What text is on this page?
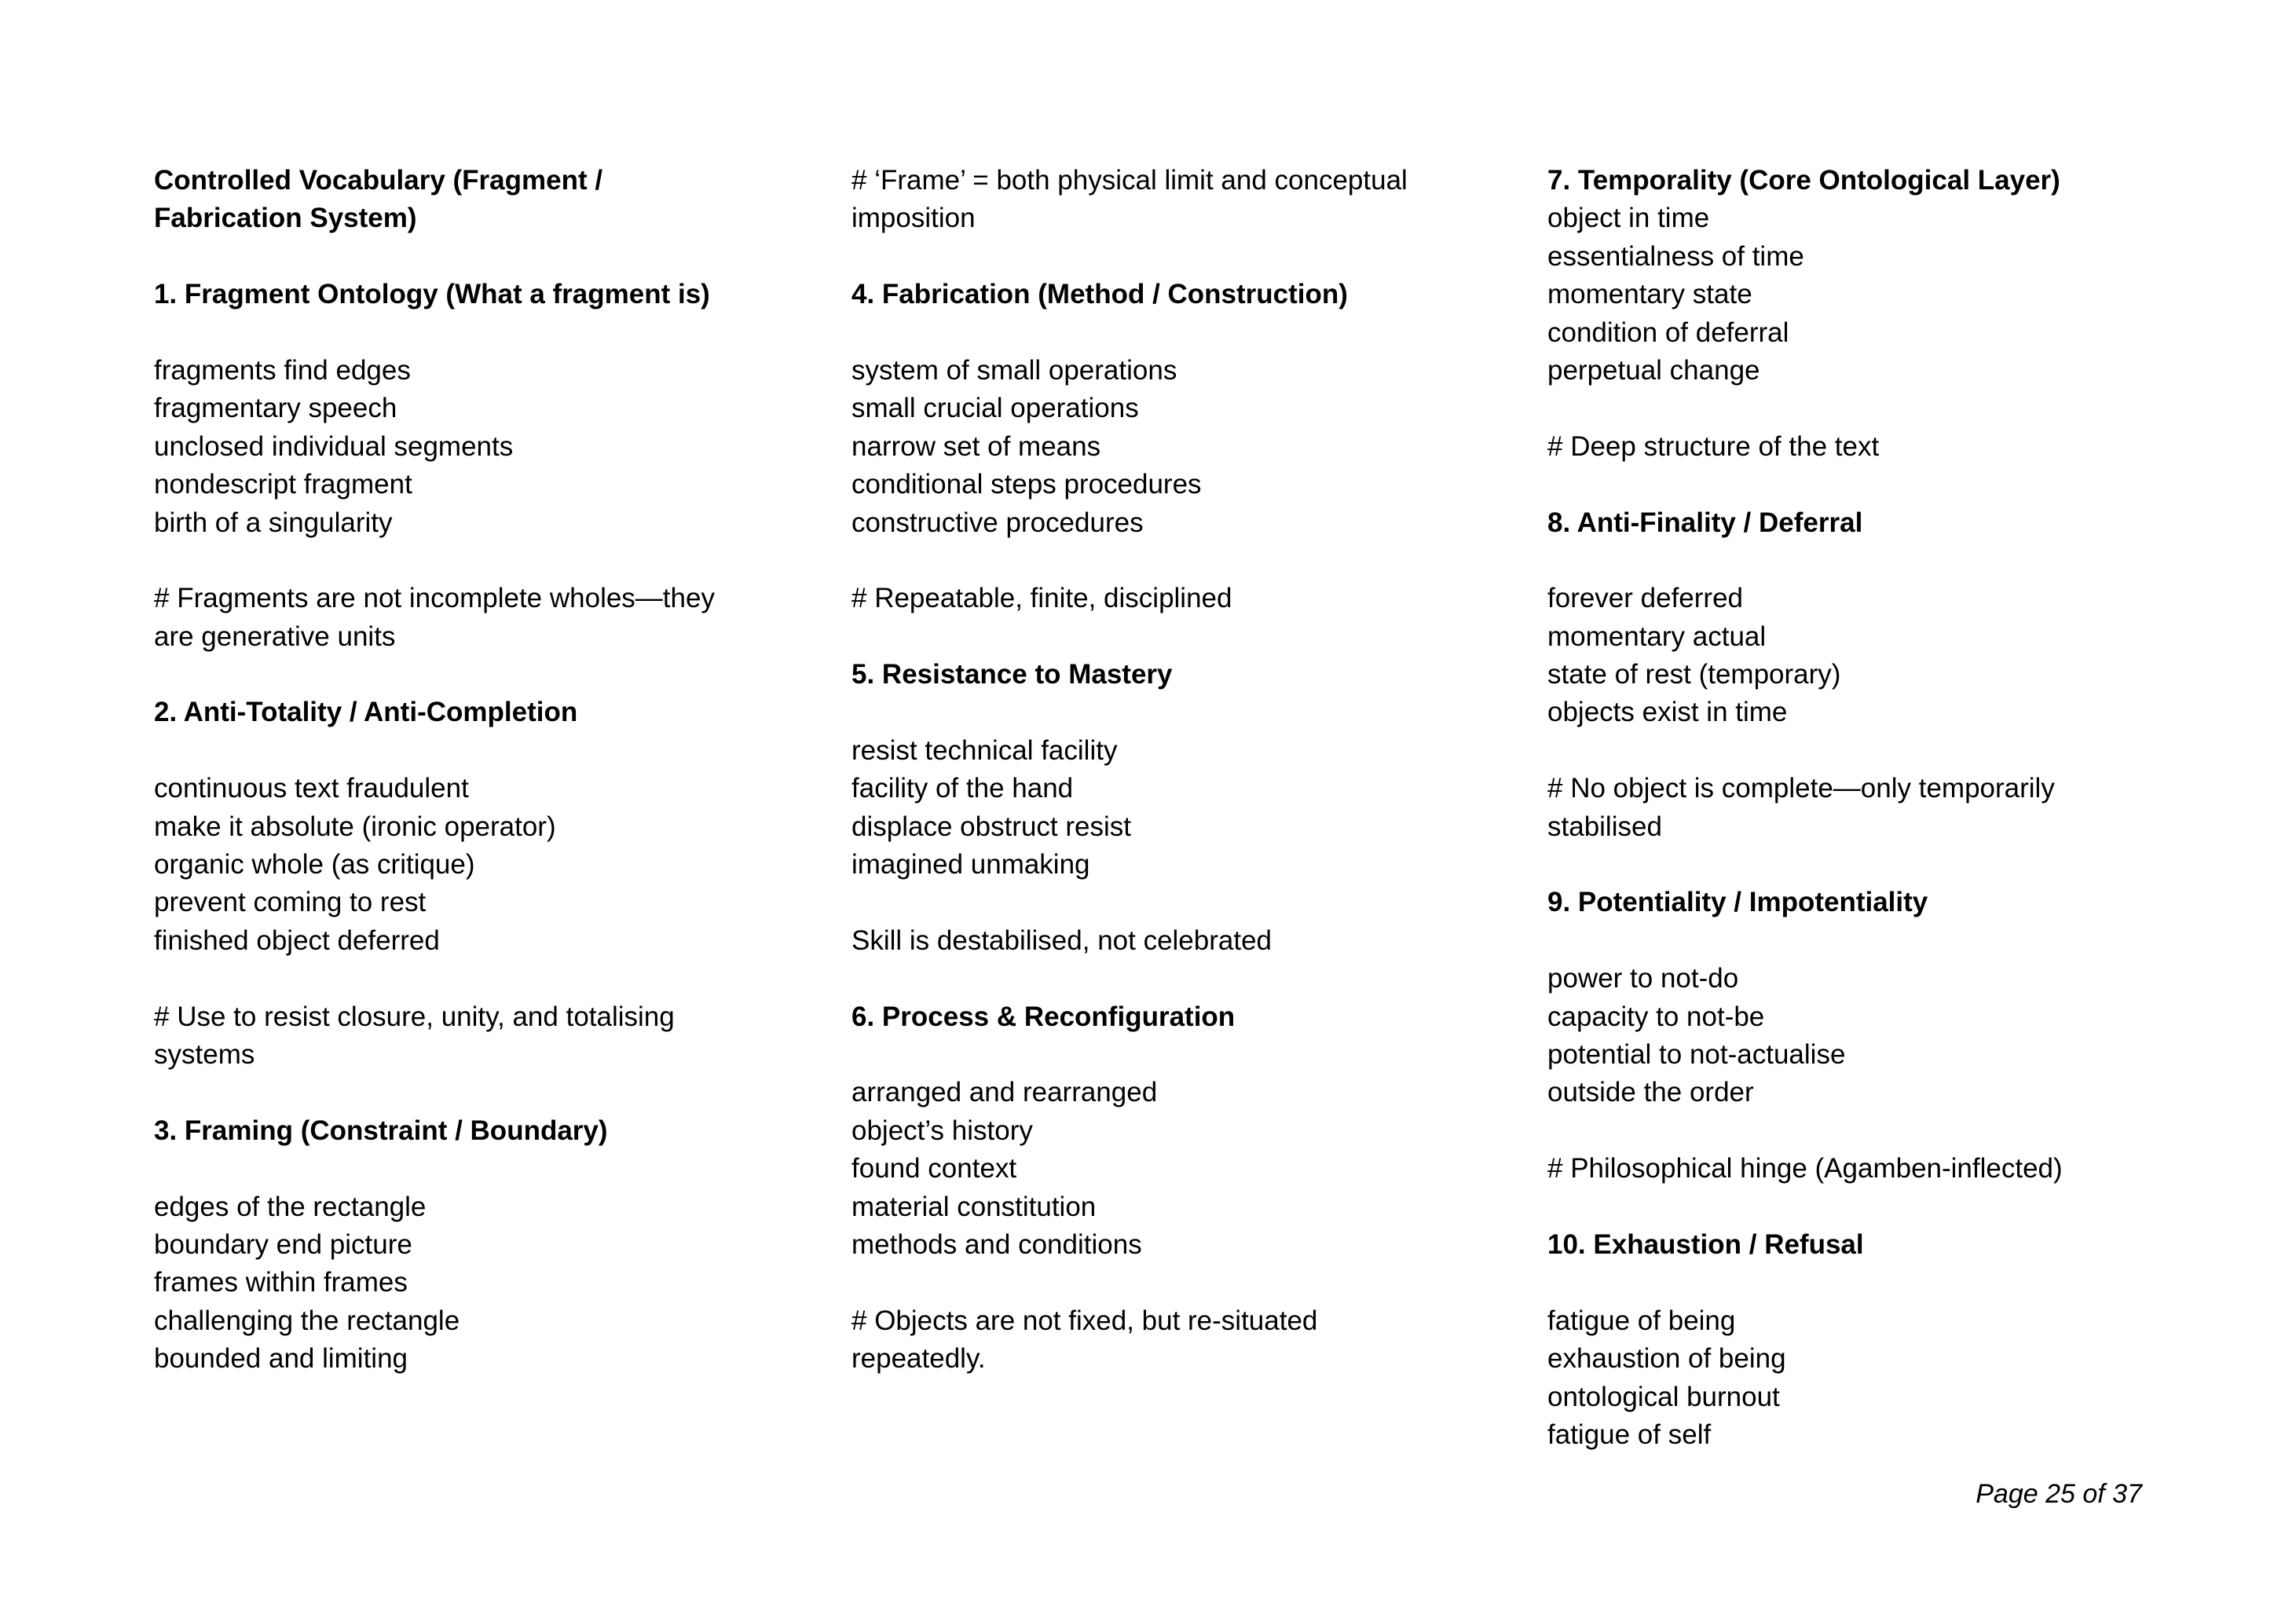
Controlled Vocabulary (Fragment /
Fabrication System)
1. Fragment Ontology (What a fragment is)
fragments find edges
fragmentary speech
unclosed individual segments
nondescript fragment
birth of a singularity
# Fragments are not incomplete wholes—they
are generative units
2. Anti-Totality / Anti-Completion
continuous text fraudulent
make it absolute (ironic operator)
organic whole (as critique)
prevent coming to rest
finished object deferred
# Use to resist closure, unity, and totalising
systems
3. Framing (Constraint / Boundary)
edges of the rectangle
boundary end picture
frames within frames
challenging the rectangle
bounded and limiting
# ‘Frame’ = both physical limit and conceptual
imposition
4. Fabrication (Method / Construction)
system of small operations
small crucial operations
narrow set of means
conditional steps procedures
constructive procedures
# Repeatable, finite, disciplined
5. Resistance to Mastery
resist technical facility
facility of the hand
displace obstruct resist
imagined unmaking
Skill is destabilised, not celebrated
6. Process & Reconfiguration
arranged and rearranged
object’s history
found context
material constitution
methods and conditions
# Objects are not fixed, but re-situated
repeatedly.
7. Temporality (Core Ontological Layer)
object in time
essentialness of time
momentary state
condition of deferral
perpetual change
# Deep structure of the text
8. Anti-Finality / Deferral
forever deferred
momentary actual
state of rest (temporary)
objects exist in time
# No object is complete—only temporarily
stabilised
9. Potentiality / Impotentiality
power to not-do
capacity to not-be
potential to not-actualise
outside the order
# Philosophical hinge (Agamben-inflected)
10. Exhaustion / Refusal
fatigue of being
exhaustion of being
ontological burnout
fatigue of self
Page 25 of 37
